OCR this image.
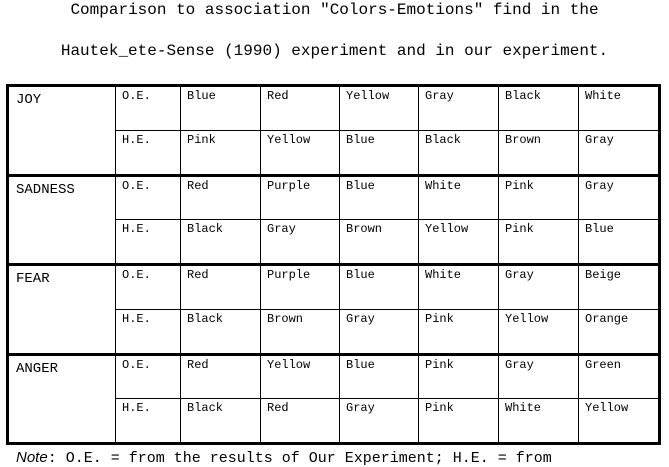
Comparison to association "Colors-Emotions" find in the
Hautek_ete-Sense (1990) experiment and in our experiment.
JOY	O.E.	Blue	Red	Yellow	Gray	Black	White
	H.E.	Pink	Yellow	Blue	Black	Brown	Gray
SADNESS	O.E.	Red	Purple	Blue	White	Pink	Gray
	H.E.	Black	Gray	Brown	Yellow	Pink	Blue
FEAR	O.E.	Red	Purple	Blue	White	Gray	Beige
	H.E.	Black	Brown	Gray	Pink	Yellow	Orange
ANGER	O.E.	Red	Yellow	Blue	Pink	Gray	Green
	H.E.	Black	Red	Gray	Pink	White	Yellow
Note: O.E. = from the results of Our Experiment; H.E. = from
